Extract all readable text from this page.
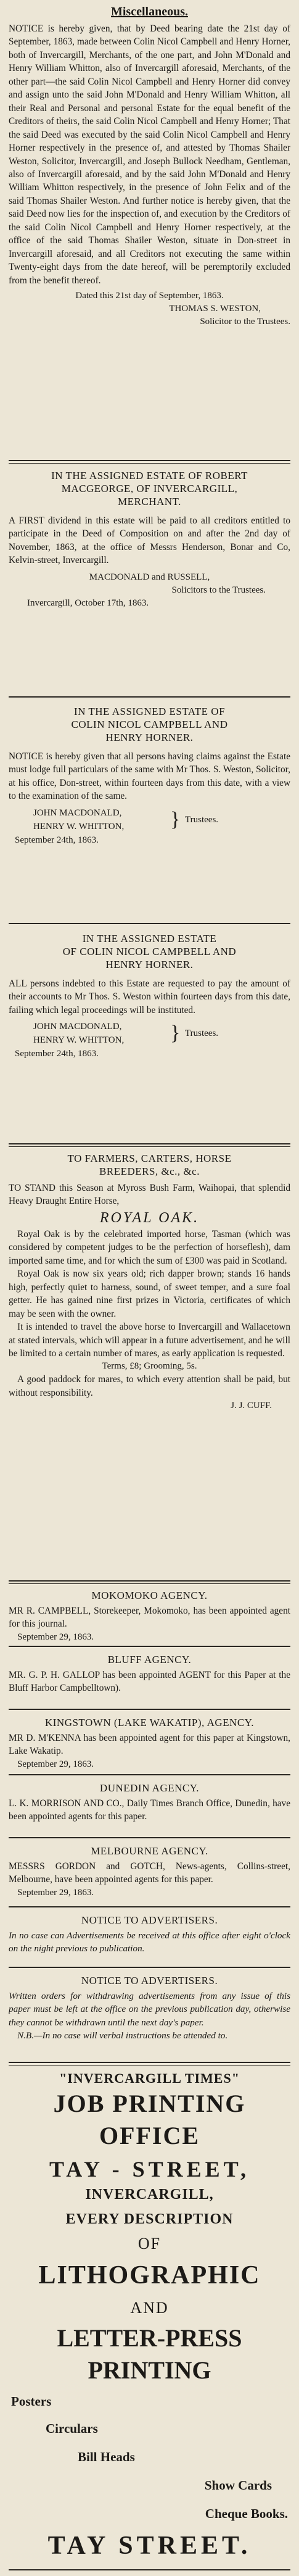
Miscellaneous.

NOTICE is hereby given, that by Deed bearing date the 21st day of September, 1863, made between Colin Nicol Campbell and Henry Horner, both of Invercargill, Merchants, of the one part, and John M'Donald and Henry William Whitton, also of Invercargill aforesaid, Merchants, of the other part—the said Colin Nicol Campbell and Henry Horner did convey and assign unto the said John M'Donald and Henry William Whitton, all their Real and Personal and personal Estate for the equal benefit of the Creditors of theirs, the said Colin Nicol Campbell and Henry Horner; That the said Deed was executed by the said Colin Nicol Campbell and Henry Horner respectively in the presence of, and attested by Thomas Shailer Weston, Solicitor, Invercargill, and Joseph Bullock Needham, Gentleman, also of Invercargill aforesaid, and by the said John M'Donald and Henry William Whitton respectively, in the presence of John Felix and of the said Thomas Shailer Weston. And further notice is hereby given, that the said Deed now lies for the inspection of, and execution by the Creditors of the said Colin Nicol Campbell and Henry Horner respectively, at the office of the said Thomas Shailer Weston, situate in Don-street in Invercargill aforesaid, and all Creditors not executing the same within Twenty-eight days from the date hereof, will be peremptorily excluded from the benefit thereof.

Dated this 21st day of September, 1863.
THOMAS S. WESTON,
Solicitor to the Trustees.
IN THE ASSIGNED ESTATE OF ROBERT
MACGEORGE, OF INVERCARGILL,
MERCHANT.

A FIRST dividend in this estate will be paid to all creditors entitled to participate in the Deed of Composition on and after the 2nd day of November, 1863, at the office of Messrs Henderson, Bonar and Co, Kelvin-street, Invercargill.

MACDONALD and RUSSELL,
Solicitors to the Trustees.
Invercargill, October 17th, 1863.
IN THE ASSIGNED ESTATE OF
COLIN NICOL CAMPBELL AND
HENRY HORNER.

NOTICE is hereby given that all persons having claims against the Estate must lodge full particulars of the same with Mr Thos. S. Weston, Solicitor, at his office, Don-street, within fourteen days from this date, with a view to the examination of the same.

JOHN MACDONALD,
HENRY W. WHITTON, } Trustees.
September 24th, 1863.
IN THE ASSIGNED ESTATE
OF COLIN NICOL CAMPBELL AND
HENRY HORNER.

ALL persons indebted to this Estate are requested to pay the amount of their accounts to Mr Thos. S. Weston within fourteen days from this date, failing which legal proceedings will be instituted.

JOHN MACDONALD,
HENRY W. WHITTON, } Trustees.
September 24th, 1863.
TO FARMERS, CARTERS, HORSE
BREEDERS, &c., &c.

TO STAND this Season at Myross Bush Farm, Waihopai, that splendid Heavy Draught Entire Horse,

ROYAL OAK.

Royal Oak is by the celebrated imported horse, Tasman (which was considered by competent judges to be the perfection of horseflesh), dam imported same time, and for which the sum of £300 was paid in Scotland.

Royal Oak is now six years old; rich dapper brown; stands 16 hands high, perfectly quiet to harness, sound, of sweet temper, and a sure foal getter. He has gained nine first prizes in Victoria, certificates of which may be seen with the owner.

It is intended to travel the above horse to Invercargill and Wallacetown at stated intervals, which will appear in a future advertisement, and he will be limited to a certain number of mares, as early application is requested.

Terms, £8; Grooming, 5s.

A good paddock for mares, to which every attention shall be paid, but without responsibility.

J. J. CUFF.
MOKOMOKO AGENCY.

MR R. CAMPBELL, Storekeeper, Mokomoko, has been appointed agent for this journal.

September 29, 1863.
BLUFF AGENCY.

MR. G. P. H. GALLOP has been appointed AGENT for this Paper at the Bluff Harbor Campbelltown).

KINGSTOWN (LAKE WAKATIP), AGENCY.

MR D. M'KENNA has been appointed agent for this paper at Kingstown, Lake Wakatip.

September 29, 1863.
DUNEDIN AGENCY.

L. K. MORRISON AND CO., Daily Times Branch Office, Dunedin, have been appointed agents for this paper.

MELBOURNE AGENCY.

MESSRS GORDON and GOTCH, News-agents, Collins-street, Melbourne, have been appointed agents for this paper.

September 29, 1863.
NOTICE TO ADVERTISERS.

In no case can Advertisements be received at this office after eight o'clock on the night previous to publication.

NOTICE TO ADVERTISERS.

Written orders for withdrawing advertisements from any issue of this paper must be left at the office on the previous publication day, otherwise they cannot be withdrawn until the next day's paper.

N.B.—In no case will verbal instructions be attended to.

"INVERCARGILL TIMES"
JOB PRINTING OFFICE
TAY - STREET,
INVERCARGILL,
EVERY DESCRIPTION
OF
LITHOGRAPHIC
AND
LETTER-PRESS PRINTING
Posters
Circulars
Bill Heads
Show Cards
Cheque Books.
TAY STREET.
